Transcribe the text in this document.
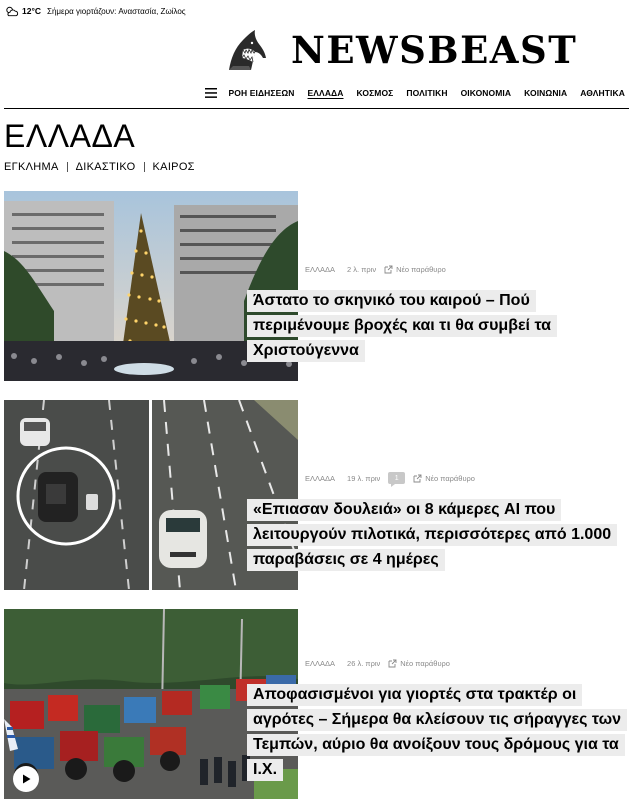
12°C Σήμερα γιορτάζουν: Αναστασία, Ζωίλος
NEWSBEAST
ΡΟΗ ΕΙΔΗΣΕΩΝ ΕΛΛΑΔΑ ΚΟΣΜΟΣ ΠΟΛΙΤΙΚΗ ΟΙΚΟΝΟΜΙΑ ΚΟΙΝΩΝΙΑ ΑΘΛΗΤΙΚΑ
ΕΛΛΑΔΑ
ΕΓΚΛΗΜΑ ΔΙΚΑΣΤΙΚΟ ΚΑΙΡΟΣ
ΕΛΛΑΔΑ 2 λ. πριν	Νέο παράθυρο
Άστατο το σκηνικό του καιρού – Πού περιμένουμε βροχές και τι θα συμβεί τα Χριστούγεννα
ΕΛΛΑΔΑ 19 λ. πριν	1	Νέο παράθυρο
«Επιασαν δουλειά» οι 8 κάμερες AI που λειτουργούν πιλοτικά, περισσότερες από 1.000 παραβάσεις σε 4 ημέρες
ΕΛΛΑΔΑ 26 λ. πριν	Νέο παράθυρο
Αποφασισμένοι για γιορτές στα τρακτέρ οι αγρότες – Σήμερα θα κλείσουν τις σήραγγες των Τεμπών, αύριο θα ανοίξουν τους δρόμους για τα Ι.Χ.
